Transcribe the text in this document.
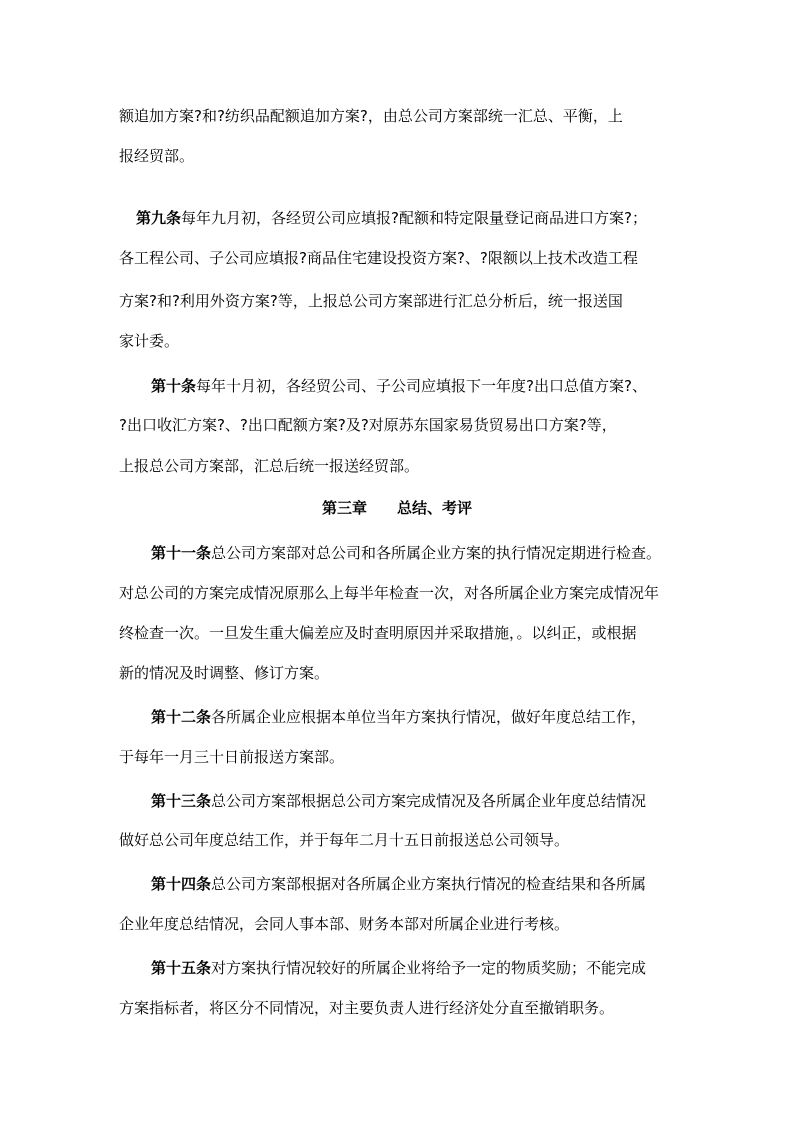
额追加方案?和?纺织品配额追加方案?，由总公司方案部统一汇总、平衡，上
报经贸部。
第九条每年九月初，各经贸公司应填报?配额和特定限量登记商品进口方案?；
各工程公司、子公司应填报?商品住宅建设投资方案?、?限额以上技术改造工程
方案?和?利用外资方案?等，上报总公司方案部进行汇总分析后，统一报送国
家计委。
第十条每年十月初，各经贸公司、子公司应填报下一年度?出口总值方案?、
?出口收汇方案?、?出口配额方案?及?对原苏东国家易货贸易出口方案?等，
上报总公司方案部，汇总后统一报送经贸部。
第三章　　总结、考评
第十一条总公司方案部对总公司和各所属企业方案的执行情况定期进行检查。
对总公司的方案完成情况原那么上每半年检查一次，对各所属企业方案完成情况年
终检查一次。一旦发生重大偏差应及时查明原因并采取措施，。以纠正，或根据
新的情况及时调整、修订方案。
第十二条各所属企业应根据本单位当年方案执行情况，做好年度总结工作，
于每年一月三十日前报送方案部。
第十三条总公司方案部根据总公司方案完成情况及各所属企业年度总结情况
做好总公司年度总结工作，并于每年二月十五日前报送总公司领导。
第十四条总公司方案部根据对各所属企业方案执行情况的检查结果和各所属
企业年度总结情况，会同人事本部、财务本部对所属企业进行考核。
第十五条对方案执行情况较好的所属企业将给予一定的物质奖励；不能完成
方案指标者，将区分不同情况，对主要负责人进行经济处分直至撤销职务。
